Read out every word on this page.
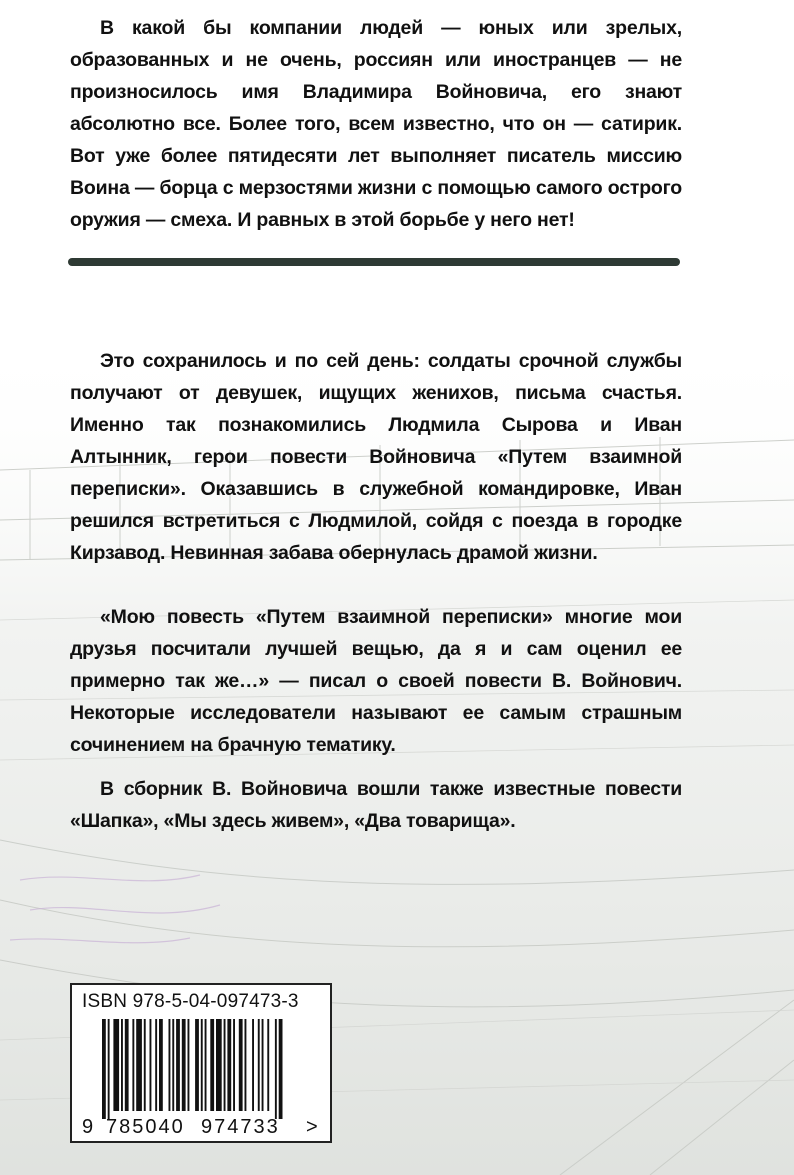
В какой бы компании людей — юных или зрелых, образованных и не очень, россиян или иностранцев — не произносилось имя Владимира Войновича, его знают абсолютно все. Более того, всем известно, что он — сатирик. Вот уже более пятидесяти лет выполняет писатель миссию Воина — борца с мерзостями жизни с помощью самого острого оружия — смеха. И равных в этой борьбе у него нет!
Это сохранилось и по сей день: солдаты срочной службы получают от девушек, ищущих женихов, письма счастья. Именно так познакомились Людмила Сырова и Иван Алтынник, герои повести Войновича «Путем взаимной переписки». Оказавшись в служебной командировке, Иван решился встретиться с Людмилой, сойдя с поезда в городке Кирзавод. Невинная забава обернулась драмой жизни.
«Мою повесть «Путем взаимной переписки» многие мои друзья посчитали лучшей вещью, да я и сам оценил ее примерно так же…» — писал о своей повести В. Войнович. Некоторые исследователи называют ее самым страшным сочинением на брачную тематику.
В сборник В. Войновича вошли также известные повести «Шапка», «Мы здесь живем», «Два товарища».
ISBN 978-5-04-097473-3
9 785040 974733 >
